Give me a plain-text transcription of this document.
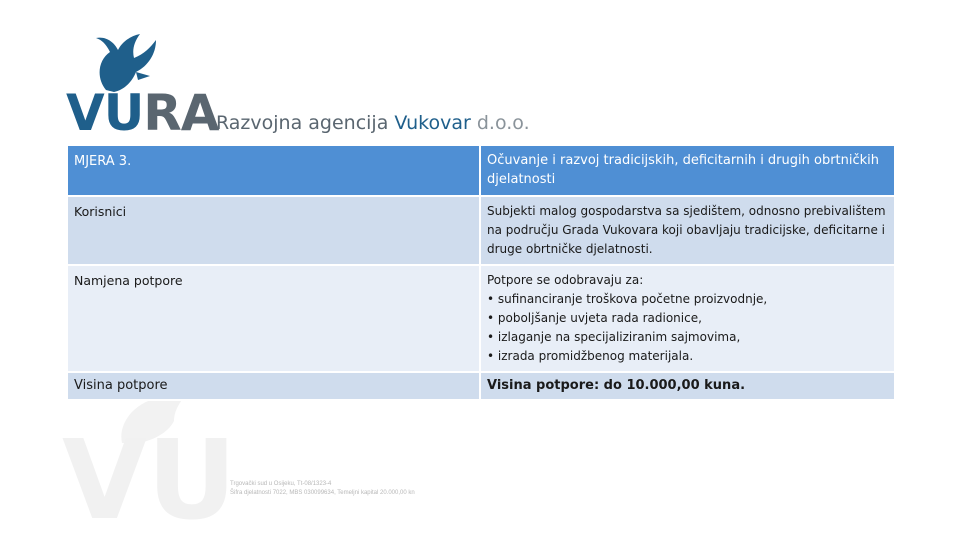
VURA
Razvojna agencija Vukovar d.o.o.
VU
Trgovački sud u Osijeku, Tt-08/1323-4
Šifra djelatnosti 7022, MBS 030099634, Temeljni kapital 20.000,00 kn
MJERA 3.	Očuvanje i razvoj tradicijskih, deficitarnih i drugih obrtničkih djelatnosti
Korisnici	Subjekti malog gospodarstva sa sjedištem, odnosno prebivalištem na području Grada Vukovara koji obavljaju tradicijske, deficitarne i druge obrtničke djelatnosti.
Namjena potpore	Potpore se odobravaju za:
• sufinanciranje troškova početne proizvodnje,
• poboljšanje uvjeta rada radionice,
• izlaganje na specijaliziranim sajmovima,
• izrada promidžbenog materijala.

Visina potpore	Visina potpore: do 10.000,00 kuna.
